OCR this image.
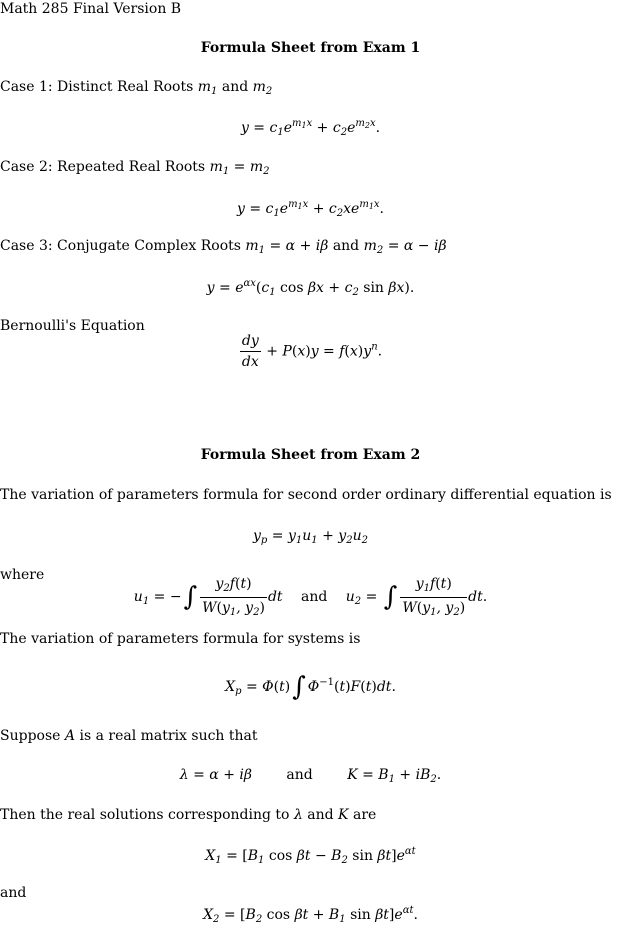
Math 285 Final Version B
Formula Sheet from Exam 1
Case 1: Distinct Real Roots $m_1$ and $m_2$
$y = c_1e^{m_1x} + c_2e^{m_2x}$.
Case 2: Repeated Real Roots $m_1 = m_2$
$y = c_1e^{m_1x} + c_2xe^{m_1x}$.
Case 3: Conjugate Complex Roots $m_1 = \alpha + i\beta$ and $m_2 = \alpha - i\beta$
$y = e^{\alpha x}(c_1$ $\cos \beta x + c_2$ sin βx).
Bernoulli's Equation
$\frac{dy}{dx} + P(x)y = f(x)y^n$.
Formula Sheet from Exam 2
The variation of parameters formula for second order ordinary differential equation is
$y_p = y_1u_1 + y_2u_2$
where
$u_1$ = −∫ $\frac{y_2f(t)}{W(y_1, y_2)}$ dt and $u_2$ = ∫ $\frac{y_1f(t)}{W(y_1, y_2)}$ dt.
The variation of parameters formula for systems is
$X_p = \Phi(t)\int$ $\Phi^{-1}(t)F(t)dt$.
Suppose A is a real matrix such that
λ = α + iβ and $K = B_1 + iB_2$.
Then the real solutions corresponding to λ and K are
$X_1 = [B_1$ $\cos \beta t - B_2$ $\sin \beta t]e^{\alpha t}$
and
$X_2 = [B_2$ $\cos \beta t + B_1$ $\sin \beta t]e^{\alpha t}$.
